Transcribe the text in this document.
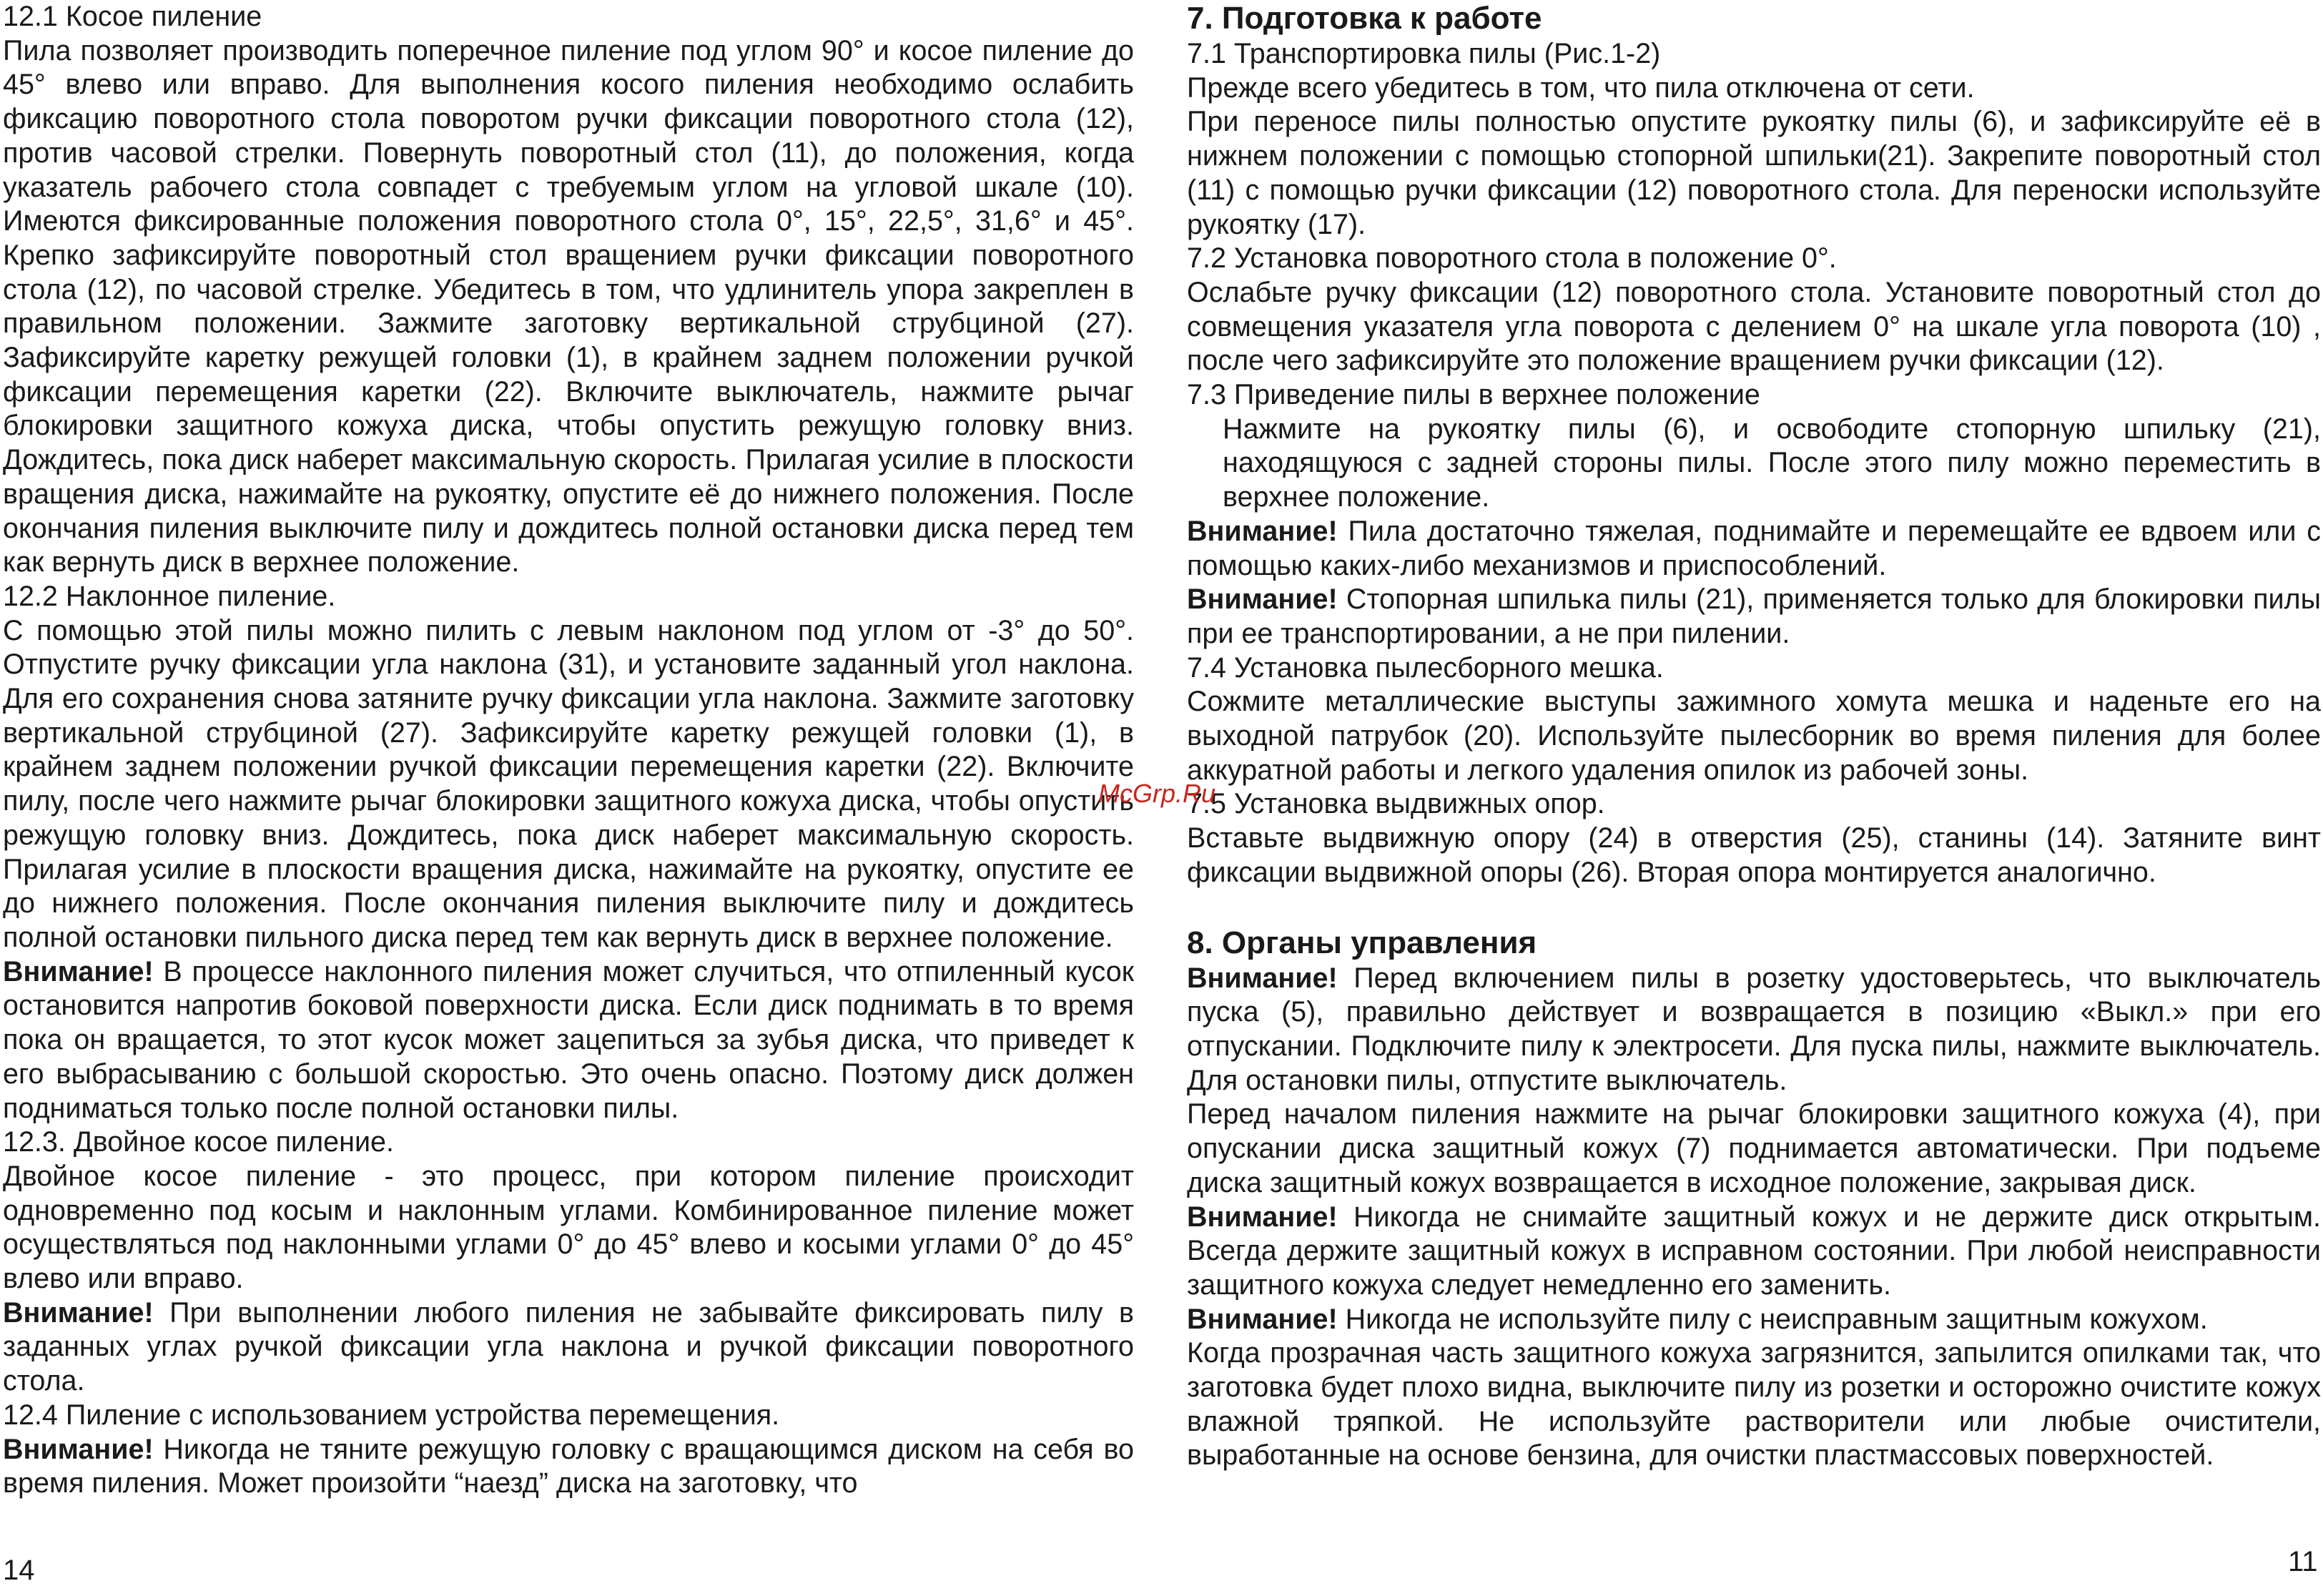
12.1 Косое пиление

Пила позволяет производить поперечное пиление под углом 90° и косое пиление до 45° влево или вправо. Для выполнения косого пиления необходимо ослабить фиксацию поворотного стола поворотом ручки фиксации поворотного стола (12), против часовой стрелки. Повернуть поворотный стол (11), до положения, когда указатель рабочего стола совпадет с требуемым углом на угловой шкале (10). Имеются фиксированные положения поворотного стола 0°, 15°, 22,5°, 31,6° и 45°. Крепко зафиксируйте поворотный стол вращением ручки фиксации поворотного стола (12), по часовой стрелке. Убедитесь в том, что удлинитель упора закреплен в правильном положении. Зажмите заготовку вертикальной струбциной (27). Зафиксируйте каретку режущей головки (1), в крайнем заднем положении ручкой фиксации перемещения каретки (22). Включите выключатель, нажмите рычаг блокировки защитного кожуха диска, чтобы опустить режущую головку вниз. Дождитесь, пока диск наберет максимальную скорость. Прилагая усилие в плоскости вращения диска, нажимайте на рукоятку, опустите её до нижнего положения. После окончания пиления выключите пилу и дождитесь полной остановки диска перед тем как вернуть диск в верхнее положение.

12.2 Наклонное пиление.

С помощью этой пилы можно пилить с левым наклоном под углом от -3° до 50°. Отпустите ручку фиксации угла наклона (31), и установите заданный угол наклона. Для его сохранения снова затяните ручку фиксации угла наклона. Зажмите заготовку вертикальной струбциной (27). Зафиксируйте каретку режущей головки (1), в крайнем заднем положении ручкой фиксации перемещения каретки (22). Включите пилу, после чего нажмите рычаг блокировки защитного кожуха диска, чтобы опустить режущую головку вниз. Дождитесь, пока диск наберет максимальную скорость. Прилагая усилие в плоскости вращения диска, нажимайте на рукоятку, опустите ее до нижнего положения. После окончания пиления выключите пилу и дождитесь полной остановки пильного диска перед тем как вернуть диск в верхнее положение.

Внимание! В процессе наклонного пиления может случиться, что отпиленный кусок остановится напротив боковой поверхности диска. Если диск поднимать в то время пока он вращается, то этот кусок может зацепиться за зубья диска, что приведет к его выбрасыванию с большой скоростью. Это очень опасно. Поэтому диск должен подниматься только после полной остановки пилы.

12.3. Двойное косое пиление.

Двойное косое пиление - это процесс, при котором пиление происходит одновременно под косым и наклонным углами. Комбинированное пиление может осуществляться под наклонными углами 0° до 45° влево и косыми углами 0° до 45° влево или вправо.

Внимание! При выполнении любого пиления не забывайте фиксировать пилу в заданных углах ручкой фиксации угла наклона и ручкой фиксации поворотного стола.

12.4 Пиление с использованием устройства перемещения.

Внимание! Никогда не тяните режущую головку с вращающимся диском на себя во время пиления. Может произойти “наезд” диска на заготовку, что

14

7. Подготовка к работе

7.1 Транспортировка пилы (Рис.1-2)

Прежде всего убедитесь в том, что пила отключена от сети.

При переносе пилы полностью опустите рукоятку пилы (6), и зафиксируйте её в нижнем положении с помощью стопорной шпильки(21). Закрепите поворотный стол (11) с помощью ручки фиксации (12) поворотного стола. Для переноски используйте рукоятку (17).

7.2 Установка поворотного стола в положение 0°.

Ослабьте ручку фиксации (12) поворотного стола. Установите поворотный стол до совмещения указателя угла поворота с делением 0° на шкале угла поворота (10) , после чего зафиксируйте это положение вращением ручки фиксации (12).

7.3 Приведение пилы в верхнее положение

Нажмите на рукоятку пилы (6), и освободите стопорную шпильку (21), находящуюся с задней стороны пилы. После этого пилу можно переместить в верхнее положение.

Внимание! Пила достаточно тяжелая, поднимайте и перемещайте ее вдвоем или с помощью каких-либо механизмов и приспособлений.

Внимание! Стопорная шпилька пилы (21), применяется только для блокировки пилы при ее транспортировании, а не при пилении.

7.4 Установка пылесборного мешка.

Сожмите металлические выступы зажимного хомута мешка и наденьте его на выходной патрубок (20). Используйте пылесборник во время пиления для более аккуратной работы и легкого удаления опилок из рабочей зоны.

7.5 Установка выдвижных опор.

Вставьте выдвижную опору (24) в отверстия (25), станины (14). Затяните винт фиксации выдвижной опоры (26). Вторая опора монтируется аналогично.

8. Органы управления

Внимание! Перед включением пилы в розетку удостоверьтесь, что выключатель пуска (5), правильно действует и возвращается в позицию «Выкл.» при его отпускании. Подключите пилу к электросети. Для пуска пилы, нажмите выключатель. Для остановки пилы, отпустите выключатель.

Перед началом пиления нажмите на рычаг блокировки защитного кожуха (4), при опускании диска защитный кожух (7) поднимается автоматически. При подъеме диска защитный кожух возвращается в исходное положение, закрывая диск.

Внимание! Никогда не снимайте защитный кожух и не держите диск открытым. Всегда держите защитный кожух в исправном состоянии. При любой неисправности защитного кожуха следует немедленно его заменить.

Внимание! Никогда не используйте пилу с неисправным защитным кожухом.

Когда прозрачная часть защитного кожуха загрязнится, запылится опилками так, что заготовка будет плохо видна, выключите пилу из розетки и осторожно очистите кожух влажной тряпкой. Не используйте растворители или любые очистители, выработанные на основе бензина, для очистки пластмассовых поверхностей.

11
McGrp.Ru
